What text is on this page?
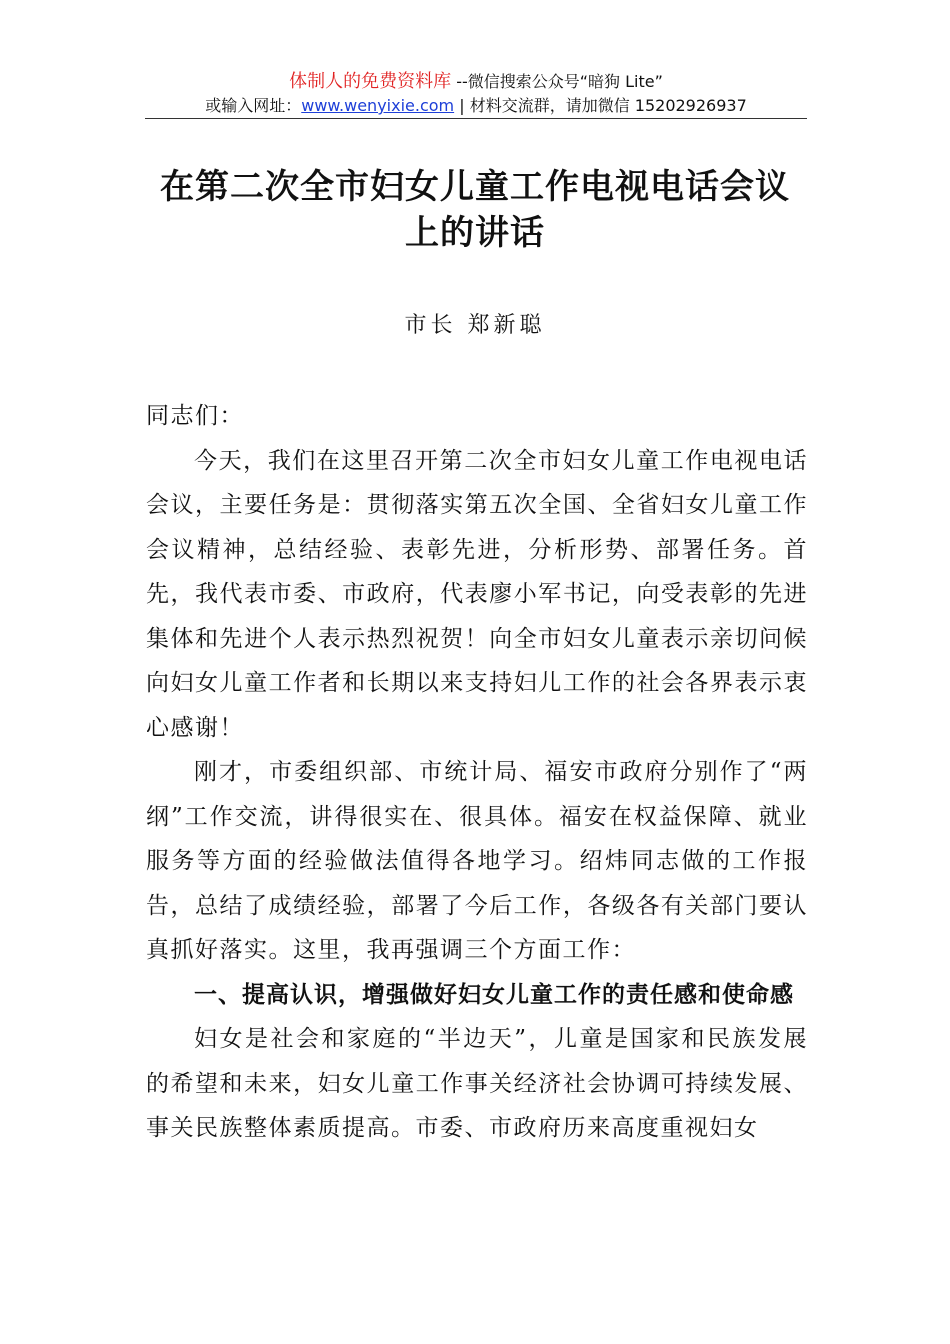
体制人的免费资料库 --微信搜索公众号“暗狗 Lite”
或输入网址：www.wenyixie.com | 材料交流群，请加微信 15202926937
在第二次全市妇女儿童工作电视电话会议
上的讲话
市长 郑新聪

同志们：

今天，我们在这里召开第二次全市妇女儿童工作电视电话会议，主要任务是：贯彻落实第五次全国、全省妇女儿童工作会议精神，总结经验、表彰先进，分析形势、部署任务。首先，我代表市委、市政府，代表廖小军书记，向受表彰的先进集体和先进个人表示热烈祝贺！向全市妇女儿童表示亲切问候向妇女儿童工作者和长期以来支持妇儿工作的社会各界表示衷心感谢！

刚才，市委组织部、市统计局、福安市政府分别作了“两纲”工作交流，讲得很实在、很具体。福安在权益保障、就业服务等方面的经验做法值得各地学习。绍炜同志做的工作报告，总结了成绩经验，部署了今后工作，各级各有关部门要认真抓好落实。这里，我再强调三个方面工作：

一、提高认识，增强做好妇女儿童工作的责任感和使命感

妇女是社会和家庭的“半边天”，儿童是国家和民族发展的希望和未来，妇女儿童工作事关经济社会协调可持续发展、事关民族整体素质提高。市委、市政府历来高度重视妇女
